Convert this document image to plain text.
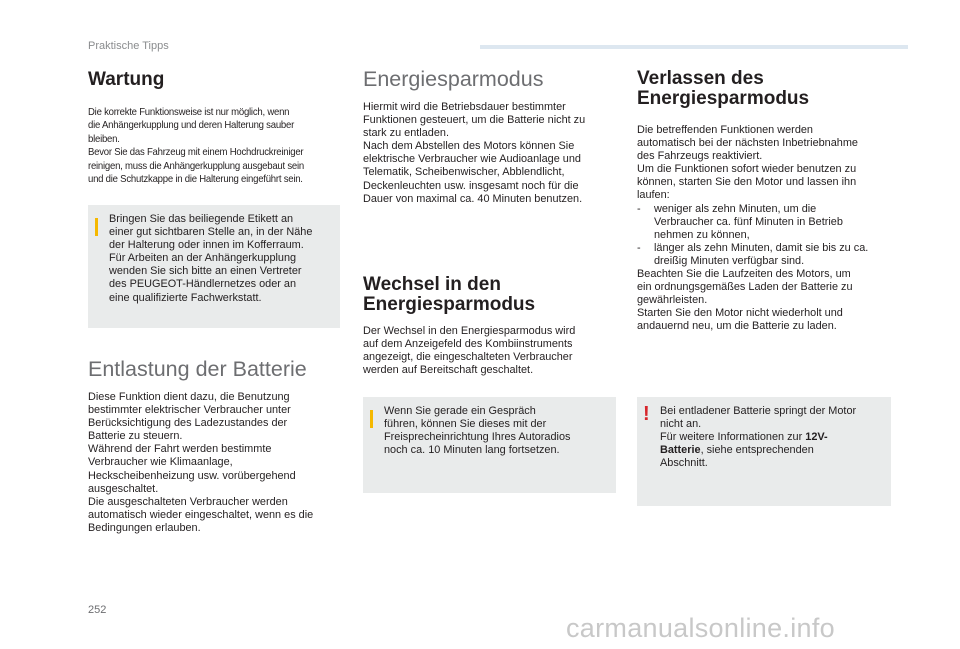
Praktische Tipps
Wartung
Die korrekte Funktionsweise ist nur möglich, wenn
die Anhängerkupplung und deren Halterung sauber
bleiben.
Bevor Sie das Fahrzeug mit einem Hochdruckreiniger
reinigen, muss die Anhängerkupplung ausgebaut sein
und die Schutzkappe in die Halterung eingeführt sein.
Bringen Sie das beiliegende Etikett an
einer gut sichtbaren Stelle an, in der Nähe
der Halterung oder innen im Kofferraum.
Für Arbeiten an der Anhängerkupplung
wenden Sie sich bitte an einen Vertreter
des PEUGEOT-Händlernetzes oder an
eine qualifizierte Fachwerkstatt.
Entlastung der Batterie
Diese Funktion dient dazu, die Benutzung
bestimmter elektrischer Verbraucher unter
Berücksichtigung des Ladezustandes der
Batterie zu steuern.
Während der Fahrt werden bestimmte
Verbraucher wie Klimaanlage,
Heckscheibenheizung usw. vorübergehend
ausgeschaltet.
Die ausgeschalteten Verbraucher werden
automatisch wieder eingeschaltet, wenn es die
Bedingungen erlauben.
Energiesparmodus
Hiermit wird die Betriebsdauer bestimmter
Funktionen gesteuert, um die Batterie nicht zu
stark zu entladen.
Nach dem Abstellen des Motors können Sie
elektrische Verbraucher wie Audioanlage und
Telematik, Scheibenwischer, Abblendlicht,
Deckenleuchten usw. insgesamt noch für die
Dauer von maximal ca. 40 Minuten benutzen.
Wechsel in den
Energiesparmodus
Der Wechsel in den Energiesparmodus wird
auf dem Anzeigefeld des Kombiinstruments
angezeigt, die eingeschalteten Verbraucher
werden auf Bereitschaft geschaltet.
Wenn Sie gerade ein Gespräch
führen, können Sie dieses mit der
Freisprecheinrichtung Ihres Autoradios
noch ca. 10 Minuten lang fortsetzen.
Verlassen des
Energiesparmodus
Die betreffenden Funktionen werden
automatisch bei der nächsten Inbetriebnahme
des Fahrzeugs reaktiviert.
Um die Funktionen sofort wieder benutzen zu
können, starten Sie den Motor und lassen ihn
laufen:
- weniger als zehn Minuten, um die
Verbraucher ca. fünf Minuten in Betrieb
nehmen zu können,
- länger als zehn Minuten, damit sie bis zu ca.
dreißig Minuten verfügbar sind.
Beachten Sie die Laufzeiten des Motors, um
ein ordnungsgemäßes Laden der Batterie zu
gewährleisten.
Starten Sie den Motor nicht wiederholt und
andauernd neu, um die Batterie zu laden.
! Bei entladener Batterie springt der Motor
nicht an.
Für weitere Informationen zur 12V-
Batterie, siehe entsprechenden
Abschnitt.
252
carmanualsonline.info
